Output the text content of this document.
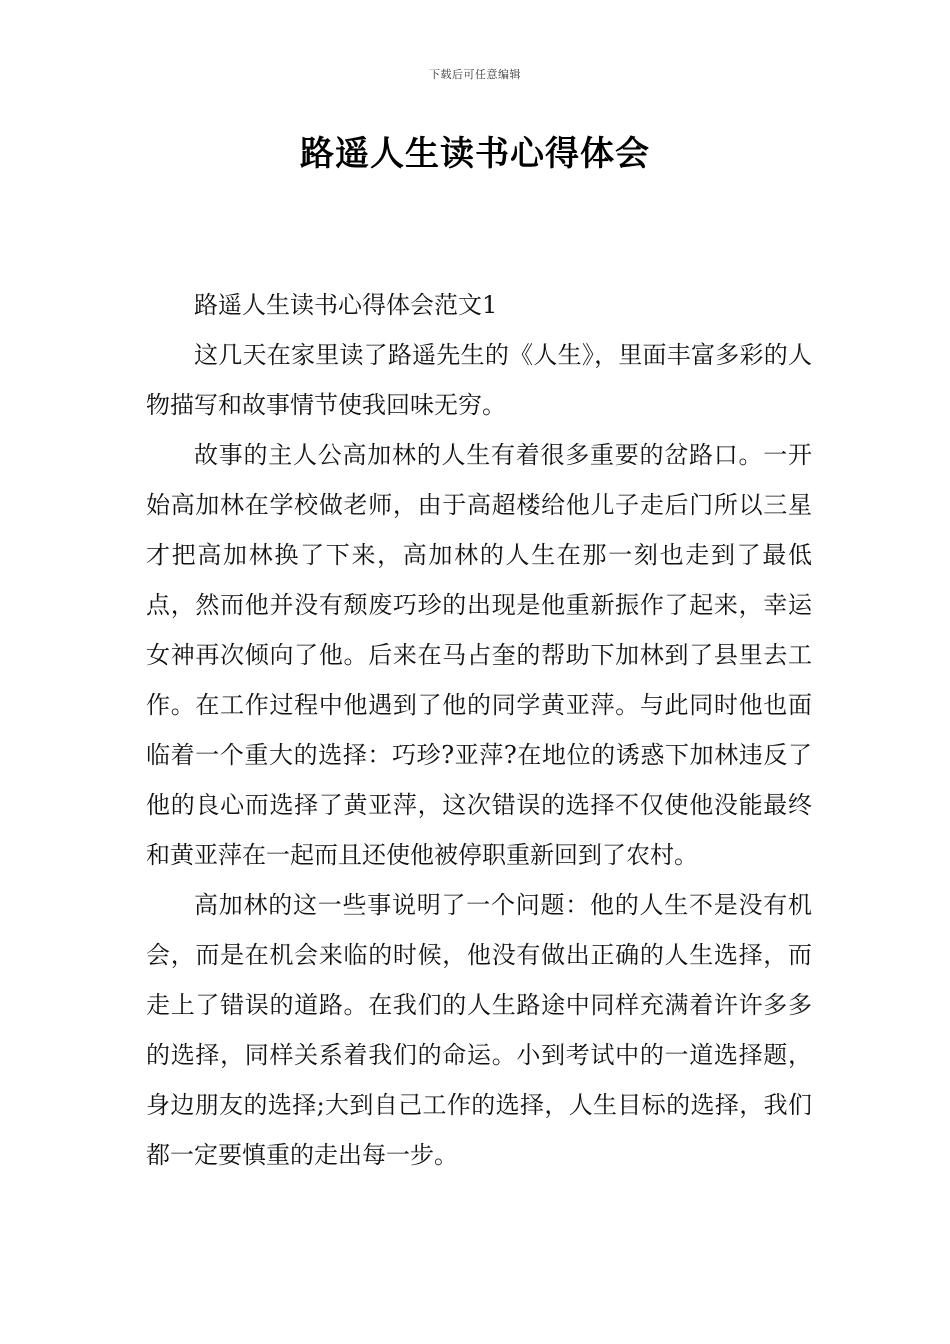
下载后可任意编辑
路遥人生读书心得体会

路遥人生读书心得体会范文1

这几天在家里读了路遥先生的《人生》，里面丰富多彩的人物描写和故事情节使我回味无穷。

故事的主人公高加林的人生有着很多重要的岔路口。一开始高加林在学校做老师，由于高超楼给他儿子走后门所以三星才把高加林换了下来，高加林的人生在那一刻也走到了最低点，然而他并没有颓废巧珍的出现是他重新振作了起来，幸运女神再次倾向了他。后来在马占奎的帮助下加林到了县里去工作。在工作过程中他遇到了他的同学黄亚萍。与此同时他也面临着一个重大的选择：巧珍?亚萍?在地位的诱惑下加林违反了他的良心而选择了黄亚萍，这次错误的选择不仅使他没能最终和黄亚萍在一起而且还使他被停职重新回到了农村。

高加林的这一些事说明了一个问题：他的人生不是没有机会，而是在机会来临的时候，他没有做出正确的人生选择，而走上了错误的道路。在我们的人生路途中同样充满着许许多多的选择，同样关系着我们的命运。小到考试中的一道选择题，身边朋友的选择;大到自己工作的选择，人生目标的选择，我们都一定要慎重的走出每一步。
